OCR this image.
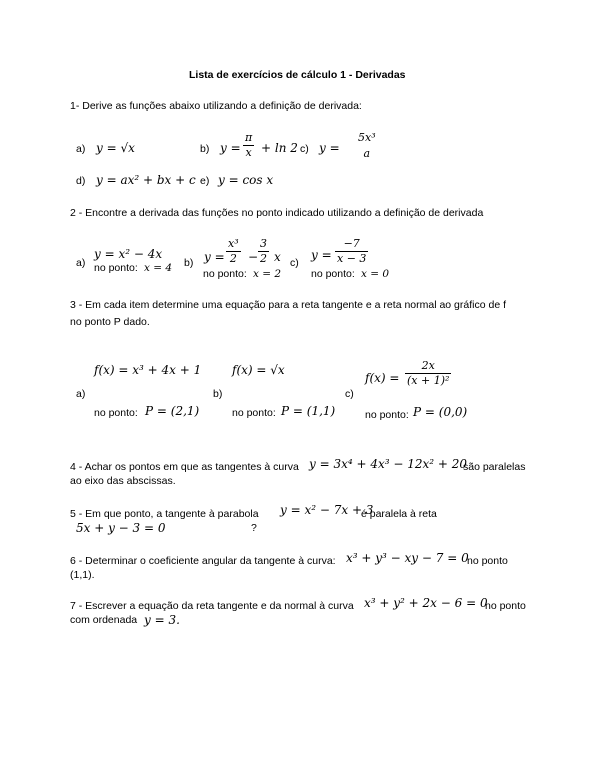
Lista de exercícios de cálculo 1 - Derivadas
1- Derive as funções abaixo utilizando a definição de derivada:
a) y = √x	b) $y = \frac{\pi}{x} + \ln 2$ c) y =
5x³
a
d) y = ax² + bx + c e) y = cos x
2 - Encontre a derivada das funções no ponto indicado utilizando a definição de derivada
a)
y = x² − 4x
no ponto: x = 4 b) $y = \frac{\text{x³}}{2} - \frac{3}{2}$ x
no ponto: x = 2
c)
$y = \frac{-7}{x - 3}$
no ponto: x = 0
3 - Em cada item determine uma equação para a reta tangente e a reta normal ao gráfico de f
no ponto P dado.
a)
f(x) = x³ + 4x + 1
no ponto: P = (2,1)
b)
f(x) = √x
no ponto: P = (1,1)
c)
$f(x) = \frac{2x}{\text{(x + 1)²}}$
no ponto: P = (0,0)
4 - Achar os pontos em que as tangentes à curva y = 3x⁴ + 4x³ − 12x² + 20
são paralelas
ao eixo das abscissas.
5 - Em que ponto, a tangente à parabola y = x² − 7x + 3
é paralela à reta
5x + y − 3 = 0	?
6 - Determinar o coeficiente angular da tangente à curva: x³ + y³ − xy − 7 = 0
no ponto
(1,1).
7 - Escrever a equação da reta tangente e da normal à curva x³ + y² + 2x − 6 = 0
no ponto
com ordenada y = 3.
